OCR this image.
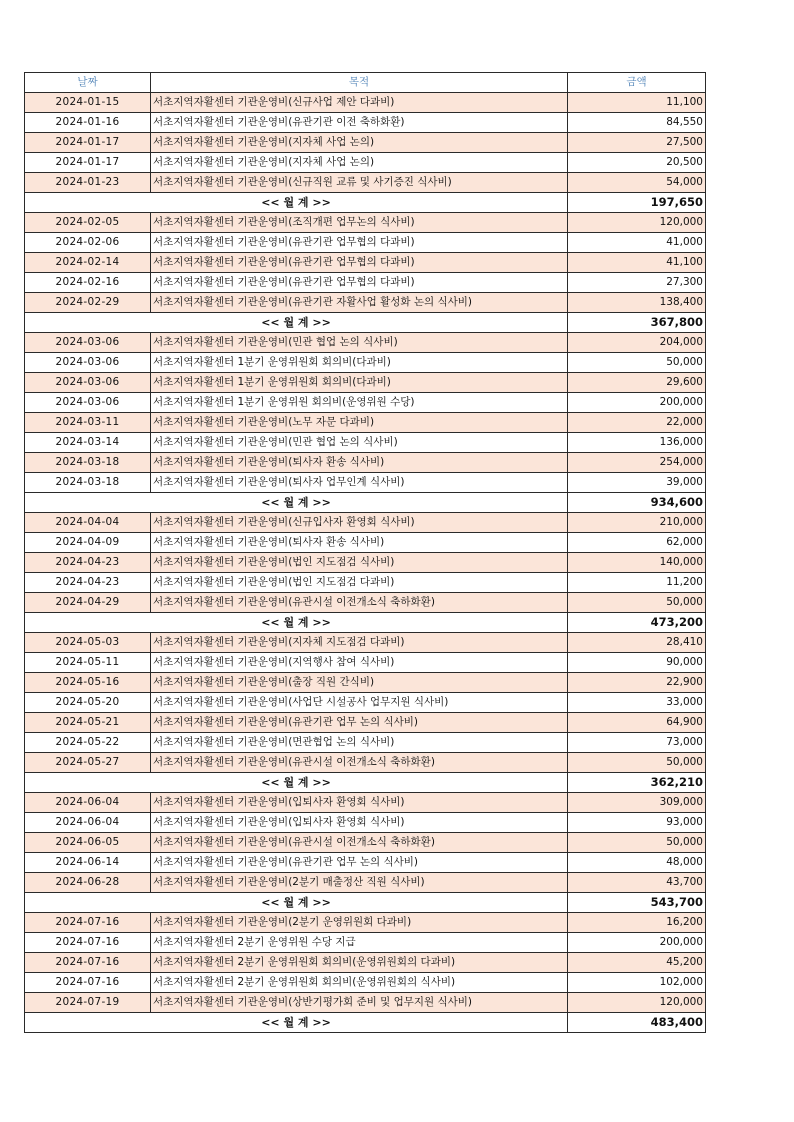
날짜	목적	금액
2024-01-15	서초지역자활센터 기관운영비(신규사업 제안 다과비)	11,100
2024-01-16	서초지역자활센터 기관운영비(유관기관 이전 축하화환)	84,550
2024-01-17	서초지역자활센터 기관운영비(지자체 사업 논의)	27,500
2024-01-17	서초지역자활센터 기관운영비(지자체 사업 논의)	20,500
2024-01-23	서초지역자활센터 기관운영비(신규직원 교류 및 사기증진 식사비)	54,000
<< 월 계 >>		197,650
2024-02-05	서초지역자활센터 기관운영비(조직개편 업무논의 식사비)	120,000
2024-02-06	서초지역자활센터 기관운영비(유관기관 업무협의 다과비)	41,000
2024-02-14	서초지역자활센터 기관운영비(유관기관 업무협의 다과비)	41,100
2024-02-16	서초지역자활센터 기관운영비(유관기관 업무협의 다과비)	27,300
2024-02-29	서초지역자활센터 기관운영비(유관기관 자활사업 활성화 논의 식사비)	138,400
<< 월 계 >>		367,800
2024-03-06	서초지역자활센터 기관운영비(민관 협업 논의 식사비)	204,000
2024-03-06	서초지역자활센터 1분기 운영위원회 회의비(다과비)	50,000
2024-03-06	서초지역자활센터 1분기 운영위원회 회의비(다과비)	29,600
2024-03-06	서초지역자활센터 1분기 운영위원 회의비(운영위원 수당)	200,000
2024-03-11	서초지역자활센터 기관운영비(노무 자문 다과비)	22,000
2024-03-14	서초지역자활센터 기관운영비(민관 협업 논의 식사비)	136,000
2024-03-18	서초지역자활센터 기관운영비(퇴사자 환송 식사비)	254,000
2024-03-18	서초지역자활센터 기관운영비(퇴사자 업무인계 식사비)	39,000
<< 월 계 >>		934,600
2024-04-04	서초지역자활센터 기관운영비(신규입사자 환영회 식사비)	210,000
2024-04-09	서초지역자활센터 기관운영비(퇴사자 환송 식사비)	62,000
2024-04-23	서초지역자활센터 기관운영비(법인 지도점검 식사비)	140,000
2024-04-23	서초지역자활센터 기관운영비(법인 지도점검 다과비)	11,200
2024-04-29	서초지역자활센터 기관운영비(유관시설 이전개소식 축하화환)	50,000
<< 월 계 >>		473,200
2024-05-03	서초지역자활센터 기관운영비(지자체 지도점검 다과비)	28,410
2024-05-11	서초지역자활센터 기관운영비(지역행사 참여 식사비)	90,000
2024-05-16	서초지역자활센터 기관운영비(출장 직원 간식비)	22,900
2024-05-20	서초지역자활센터 기관운영비(사업단 시설공사 업무지원 식사비)	33,000
2024-05-21	서초지역자활센터 기관운영비(유관기관 업무 논의 식사비)	64,900
2024-05-22	서초지역자활센터 기관운영비(면관협업 논의 식사비)	73,000
2024-05-27	서초지역자활센터 기관운영비(유관시설 이전개소식 축하화환)	50,000
<< 월 계 >>		362,210
2024-06-04	서초지역자활센터 기관운영비(입퇴사자 환영회 식사비)	309,000
2024-06-04	서초지역자활센터 기관운영비(입퇴사자 환영회 식사비)	93,000
2024-06-05	서초지역자활센터 기관운영비(유관시설 이전개소식 축하화환)	50,000
2024-06-14	서초지역자활센터 기관운영비(유관기관 업무 논의 식사비)	48,000
2024-06-28	서초지역자활센터 기관운영비(2분기 매출정산 직원 식사비)	43,700
<< 월 계 >>		543,700
2024-07-16	서초지역자활센터 기관운영비(2분기 운영위원회 다과비)	16,200
2024-07-16	서초지역자활센터 2분기 운영위원 수당 지급	200,000
2024-07-16	서초지역자활센터 2분기 운영위원회 회의비(운영위원회의 다과비)	45,200
2024-07-16	서초지역자활센터 2분기 운영위원회 회의비(운영위원회의 식사비)	102,000
2024-07-19	서초지역자활센터 기관운영비(상반기평가회 준비 및 업무지원 식사비)	120,000
<< 월 계 >>		483,400
